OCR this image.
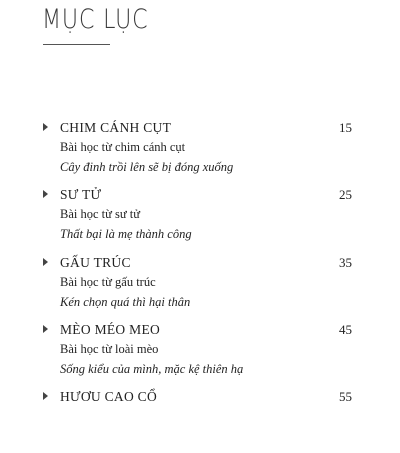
MỤC LỤC
CHIM CÁNH CỤT	15
Bài học từ chim cánh cụt
Cây đinh trồi lên sẽ bị đóng xuống
SƯ TỬ	25
Bài học từ sư tử
Thất bại là mẹ thành công
GẤU TRÚC	35
Bài học từ gấu trúc
Kén chọn quá thì hại thân
MÈO MÉO MEO	45
Bài học từ loài mèo
Sống kiểu của mình, mặc kệ thiên hạ
HƯƠU CAO CỔ	55
